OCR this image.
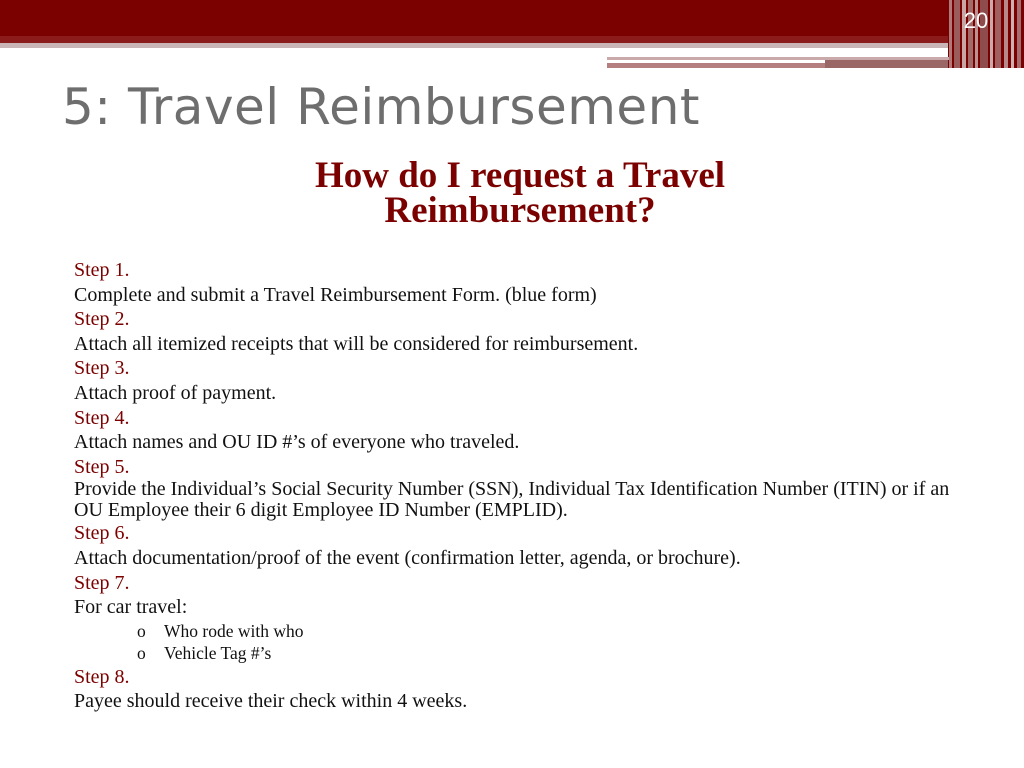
20
5: Travel Reimbursement
How do I request a Travel Reimbursement?

Step 1.

Complete and submit a Travel Reimbursement Form. (blue form)

Step 2.

Attach all itemized receipts that will be considered for reimbursement.

Step 3.

Attach proof of payment.

Step 4.

Attach names and OU ID #’s of everyone who traveled.

Step 5.

Provide the Individual’s Social Security Number (SSN), Individual Tax Identification Number (ITIN) or if an OU Employee their 6 digit Employee ID Number (EMPLID).

Step 6.

Attach documentation/proof of the event (confirmation letter, agenda, or brochure).

Step 7.

For car travel:

o Who rode with who
o Vehicle Tag #’s

Step 8.

Payee should receive their check within 4 weeks.
